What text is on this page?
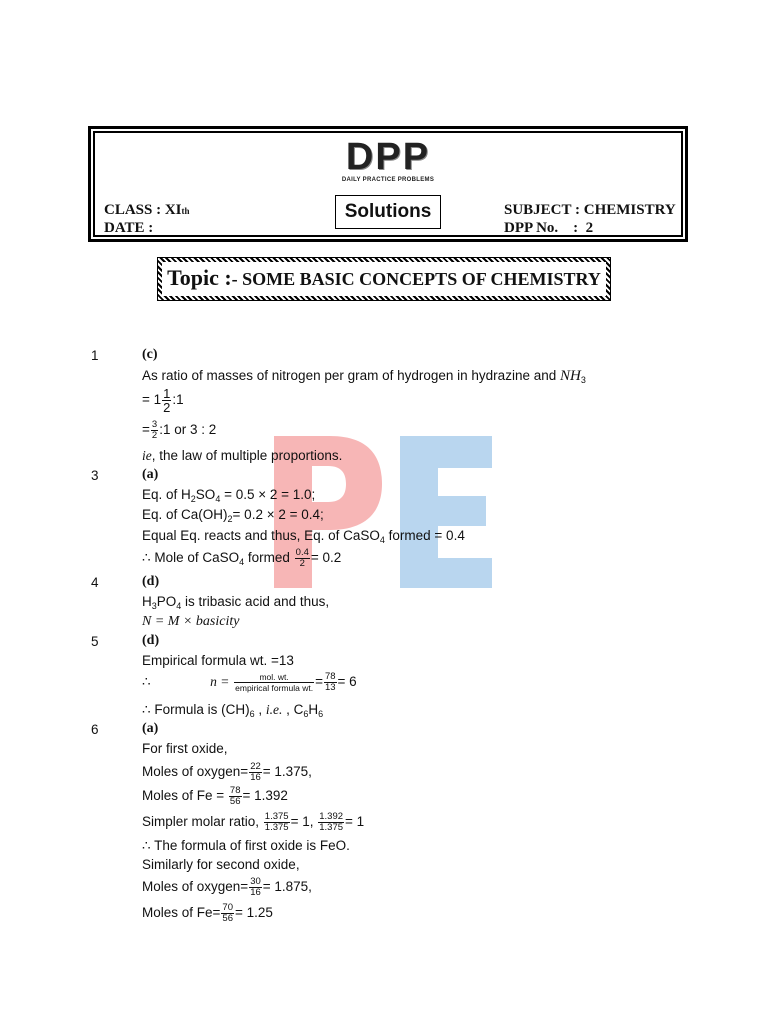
DPP
DAILY PRACTICE PROBLEMS
CLASS : XIth
DATE :
Solutions	SUBJECT : CHEMISTRY
DPP No.    :  2
Topic :- SOME BASIC CONCEPTS OF CHEMISTRY
1	(c)
As ratio of masses of nitrogen per gram of hydrogen in hydrazine and $NH_3$
= $1 \frac{1}{2}$ :1
= $\frac{3}{2}$ :1 or 3 : 2
ie, the law of multiple proportions.
3	(a)
Eq. of $H_2SO_4 = 0.5 \times 2 = 1.0$;
Eq. of $Ca(OH)_2= 0.2 \times 2 = 0.4$;
Equal Eq. reacts and thus, Eq. of CaSO$_4$ formed = 0.4
∴ Mole of CaSO$_4$ formed $\frac{0.4}{2} = 0.2$
4	(d)
$H_3PO_4$ is tribasic acid and thus,
N = M × basicity
5	(d)
Empirical formula wt. =13
∴	$n = \frac{\text{mol. wt.}}{\text{empirical formula wt.}} = \frac{78}{13} = 6$
∴ Formula is $(CH)_6$ , i.e. , $C_6H_6$
6	(a)
For first oxide,
Moles of oxygen= $\frac{22}{16} = 1.375$,
Moles of $Fe = \frac{78}{56} = 1.392$
Simpler molar ratio, $\frac{1.375}{1.375} = 1$, $\frac{1.392}{1.375} = 1$
∴ The formula of first oxide is FeO.
Similarly for second oxide,
Moles of oxygen= $\frac{30}{16} = 1.875$,
Moles of $Fe= \frac{70}{56} = 1.25$
